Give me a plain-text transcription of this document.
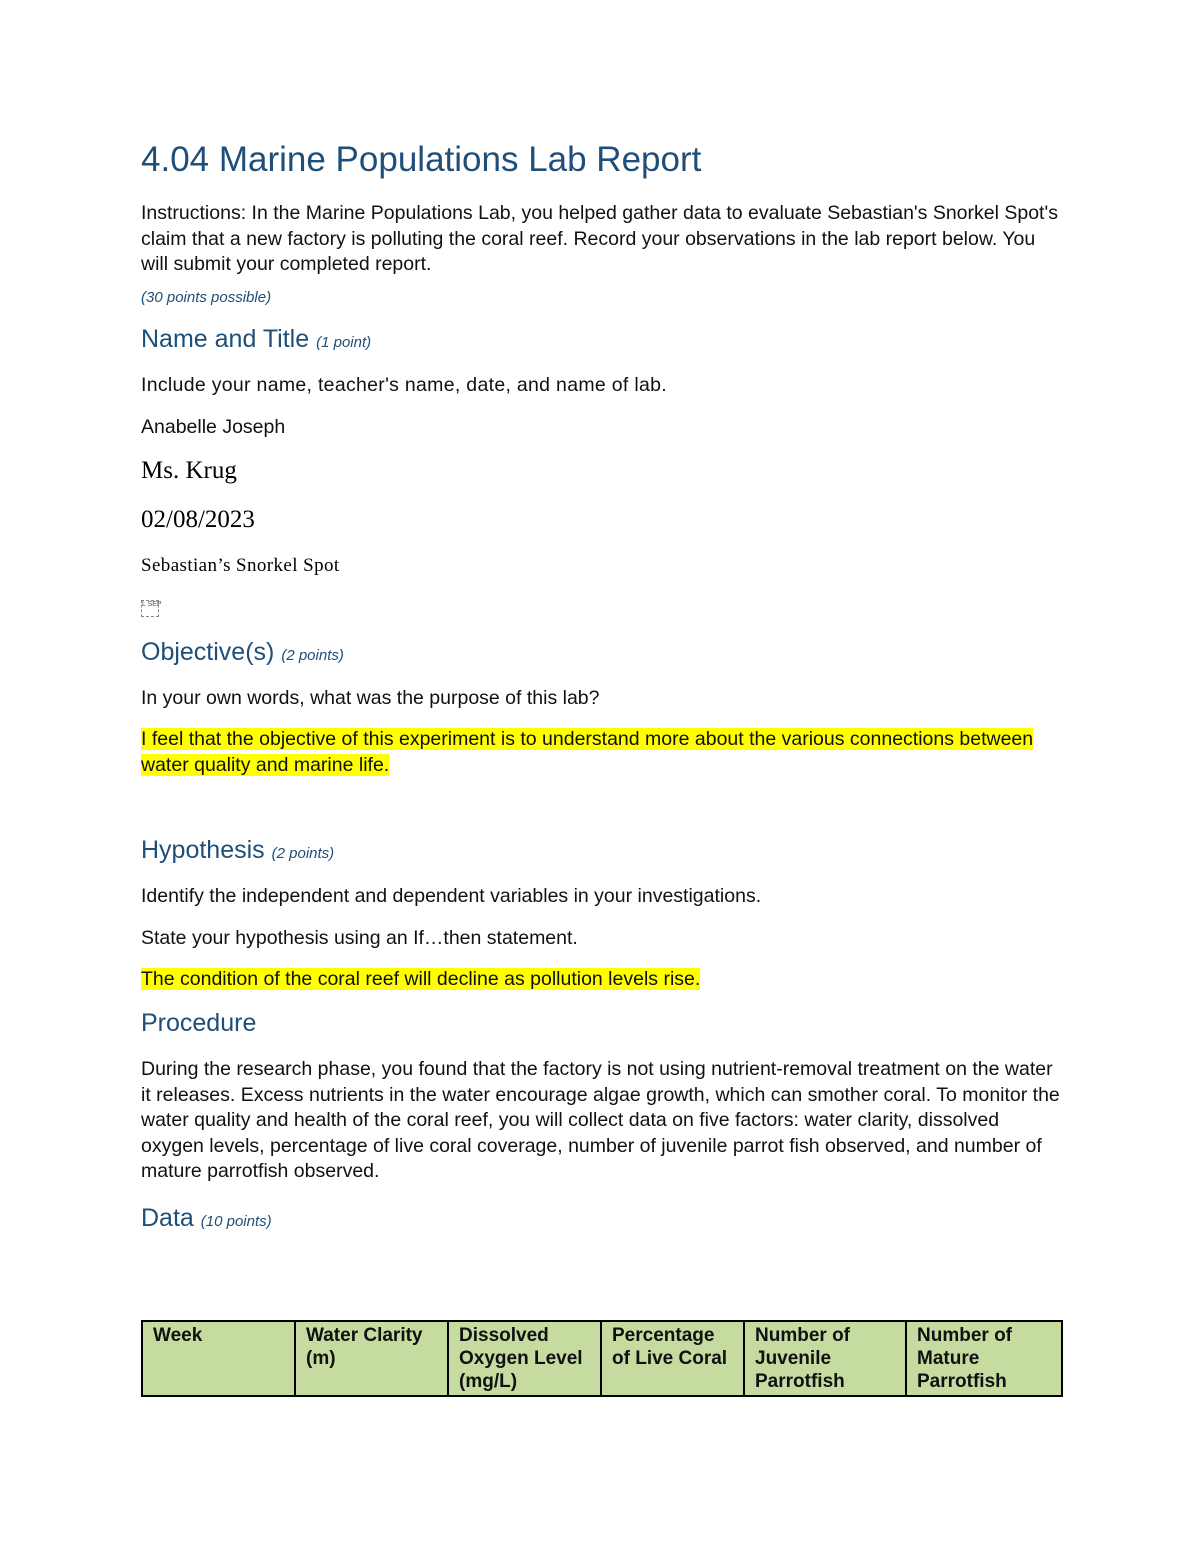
4.04 Marine Populations Lab Report
Instructions: In the Marine Populations Lab, you helped gather data to evaluate Sebastian's Snorkel Spot's claim that a new factory is polluting the coral reef. Record your observations in the lab report below. You will submit your completed report.
(30 points possible)
Name and Title (1 point)
Include your name, teacher's name, date, and name of lab.
Anabelle Joseph
Ms. Krug
02/08/2023
Sebastian’s Snorkel Spot
L SEP
Objective(s) (2 points)
In your own words, what was the purpose of this lab?
I feel that the objective of this experiment is to understand more about the various connections between water quality and marine life.
Hypothesis (2 points)
Identify the independent and dependent variables in your investigations.
State your hypothesis using an If…then statement.
The condition of the coral reef will decline as pollution levels rise.
Procedure
During the research phase, you found that the factory is not using nutrient-removal treatment on the water it releases. Excess nutrients in the water encourage algae growth, which can smother coral. To monitor the water quality and health of the coral reef, you will collect data on five factors: water clarity, dissolved oxygen levels, percentage of live coral coverage, number of juvenile parrot fish observed, and number of mature parrotfish observed.
Data (10 points)
Week	Water Clarity (m)	Dissolved Oxygen Level (mg/L)	Percentage of Live Coral	Number of Juvenile Parrotfish	Number of Mature Parrotfish
